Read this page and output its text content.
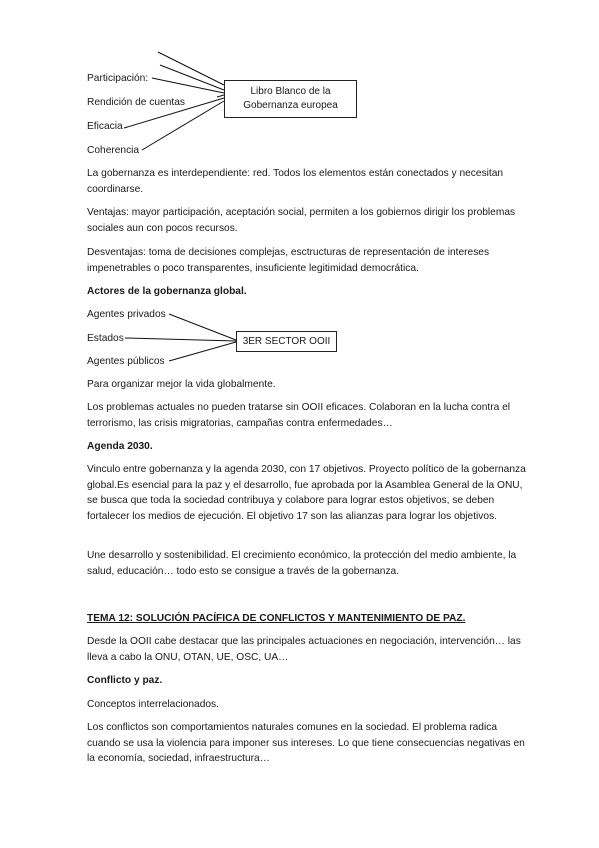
Participación:
Rendición de cuentas
Eficacia
Coherencia
Libro Blanco de la
Gobernanza europea
La gobernanza es interdependiente: red. Todos los elementos están conectados y necesitan coordinarse.
Ventajas: mayor participación, aceptación social, permiten a los gobiernos dirigir los problemas sociales aun con pocos recursos.
Desventajas: toma de decisiones complejas, esctructuras de representación de intereses impenetrables o poco transparentes, insuficiente legitimidad democrática.
Actores de la gobernanza global.
Agentes privados
Estados
Agentes públicos
3ER SECTOR OOII
Para organizar mejor la vida globalmente.
Los problemas actuales no pueden tratarse sin OOII eficaces. Colaboran en la lucha contra el terrorismo, las crisis migratorias, campañas contra enfermedades…
Agenda 2030.
Vinculo entre gobernanza y la agenda 2030, con 17 objetivos. Proyecto político de la gobernanza global.Es esencial para la paz y el desarrollo, fue aprobada por la Asamblea General de la ONU, se busca que toda la sociedad contribuya y colabore para lograr estos objetivos, se deben fortalecer los medios de ejecución. El objetivo 17 son las alianzas para lograr los objetivos.
Une desarrollo y sostenibilidad. El crecimiento económico, la protección del medio ambiente, la salud, educación… todo esto se consigue a través de la gobernanza.
TEMA 12: SOLUCIÓN PACÍFICA DE CONFLICTOS Y MANTENIMIENTO DE PAZ.
Desde la OOII cabe destacar que las principales actuaciones en negociación, intervención… las lleva a cabo la ONU, OTAN, UE, OSC, UA…
Conflicto y paz.
Conceptos interrelacionados.
Los conflictos son comportamientos naturales comunes en la sociedad. El problema radica cuando se usa la violencia para imponer sus intereses. Lo que tiene consecuencias negativas en la economía, sociedad, infraestructura…
